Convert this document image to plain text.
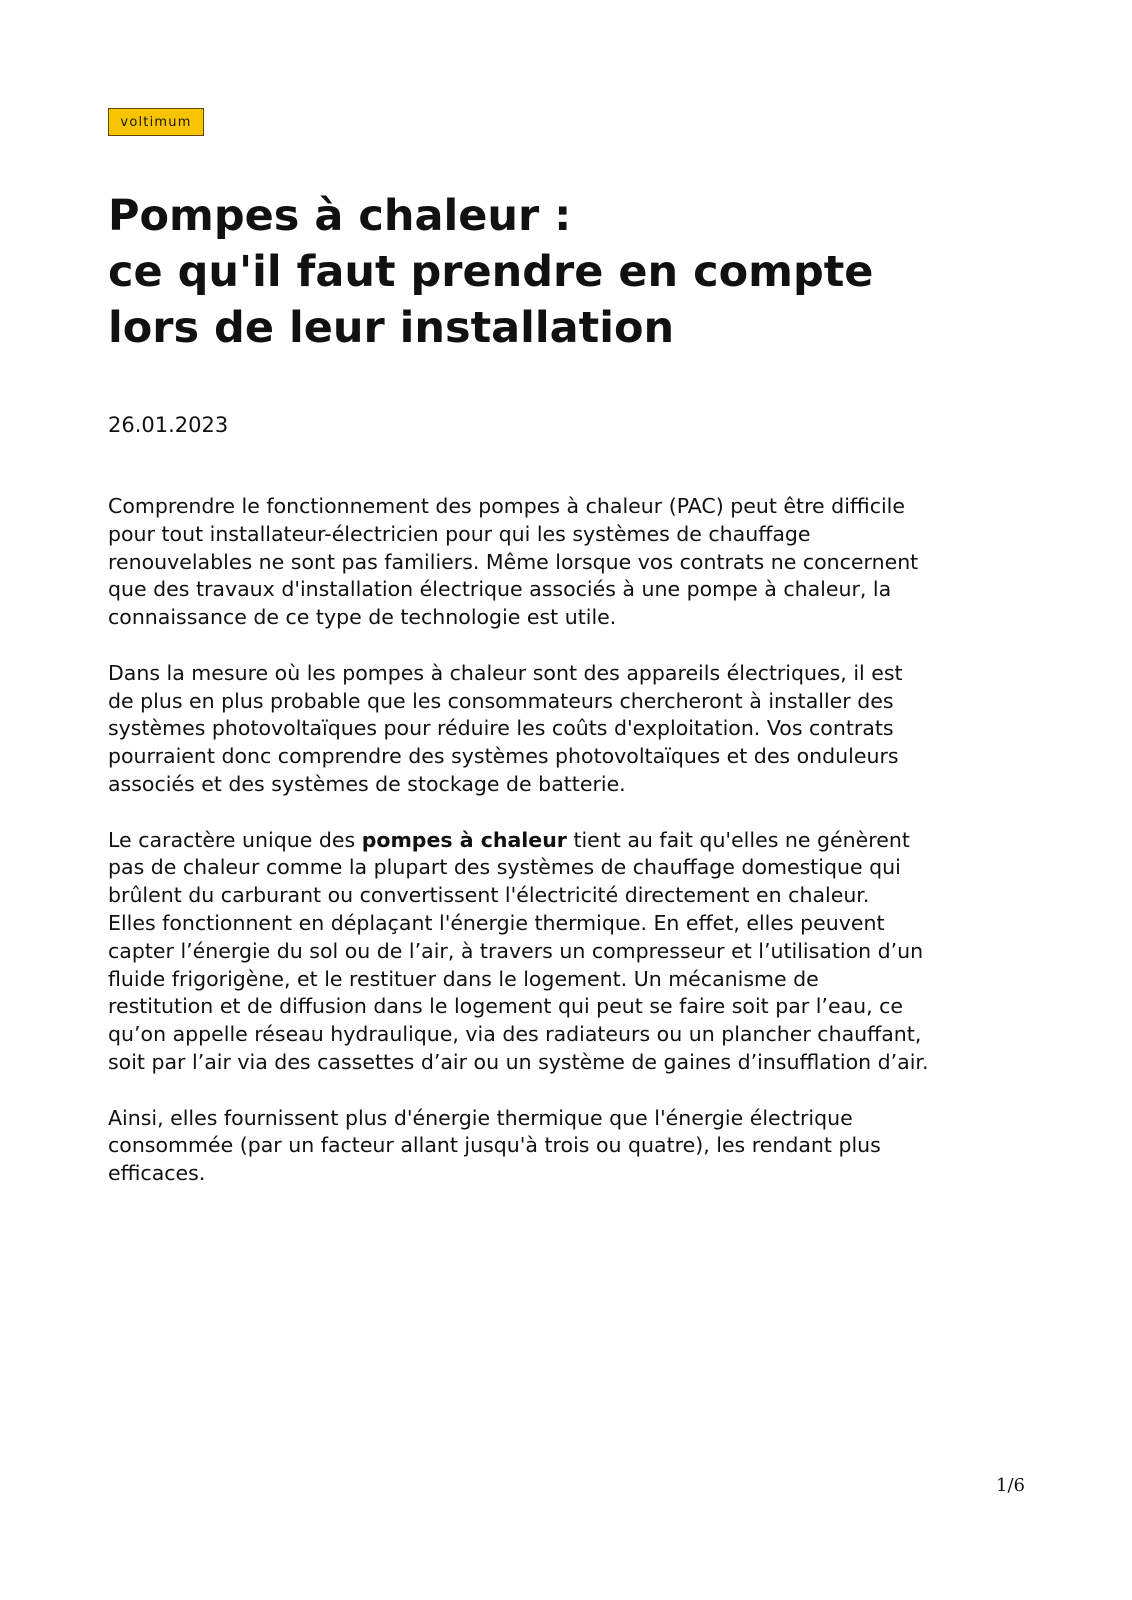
voltimum
Pompes à chaleur :
ce qu'il faut prendre en compte
lors de leur installation
26.01.2023

Comprendre le fonctionnement des pompes à chaleur (PAC) peut être difficile
pour tout installateur-électricien pour qui les systèmes de chauffage
renouvelables ne sont pas familiers. Même lorsque vos contrats ne concernent
que des travaux d'installation électrique associés à une pompe à chaleur, la
connaissance de ce type de technologie est utile.

Dans la mesure où les pompes à chaleur sont des appareils électriques, il est
de plus en plus probable que les consommateurs chercheront à installer des
systèmes photovoltaïques pour réduire les coûts d'exploitation. Vos contrats
pourraient donc comprendre des systèmes photovoltaïques et des onduleurs
associés et des systèmes de stockage de batterie.

Le caractère unique des pompes à chaleur tient au fait qu'elles ne génèrent
pas de chaleur comme la plupart des systèmes de chauffage domestique qui
brûlent du carburant ou convertissent l'électricité directement en chaleur.
Elles fonctionnent en déplaçant l'énergie thermique. En effet, elles peuvent
capter l’énergie du sol ou de l’air, à travers un compresseur et l’utilisation d’un
fluide frigorigène, et le restituer dans le logement. Un mécanisme de
restitution et de diffusion dans le logement qui peut se faire soit par l’eau, ce
qu’on appelle réseau hydraulique, via des radiateurs ou un plancher chauffant,
soit par l’air via des cassettes d’air ou un système de gaines d’insufflation d’air.

Ainsi, elles fournissent plus d'énergie thermique que l'énergie électrique
consommée (par un facteur allant jusqu'à trois ou quatre), les rendant plus
efficaces.

1/6
